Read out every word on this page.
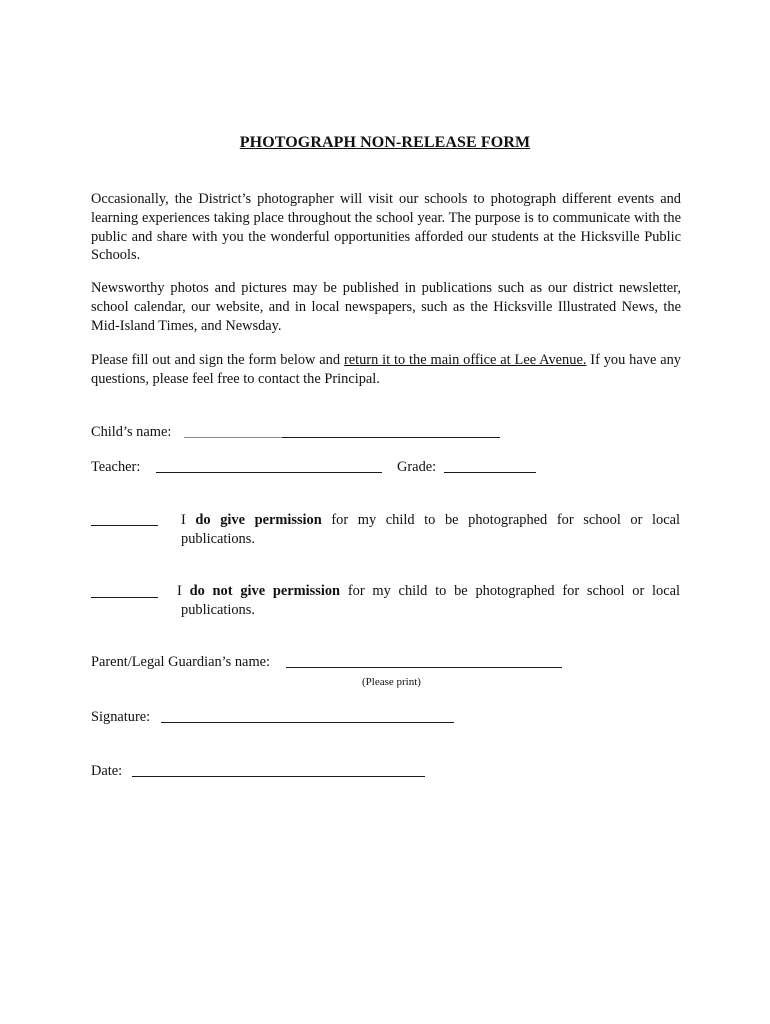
PHOTOGRAPH NON-RELEASE FORM

Occasionally, the District’s photographer will visit our schools to photograph different events and learning experiences taking place throughout the school year. The purpose is to communicate with the public and share with you the wonderful opportunities afforded our students at the Hicksville Public Schools.

Newsworthy photos and pictures may be published in publications such as our district newsletter, school calendar, our website, and in local newspapers, such as the Hicksville Illustrated News, the Mid-Island Times, and Newsday.

Please fill out and sign the form below and return it to the main office at Lee Avenue. If you have any questions, please feel free to contact the Principal.

Child’s name:
Teacher:	Grade:

I do give permission for my child to be photographed for school or local
publications.

I do not give permission for my child to be photographed for school or local
publications.

Parent/Legal Guardian’s name:
(Please print)
Signature:
Date:
